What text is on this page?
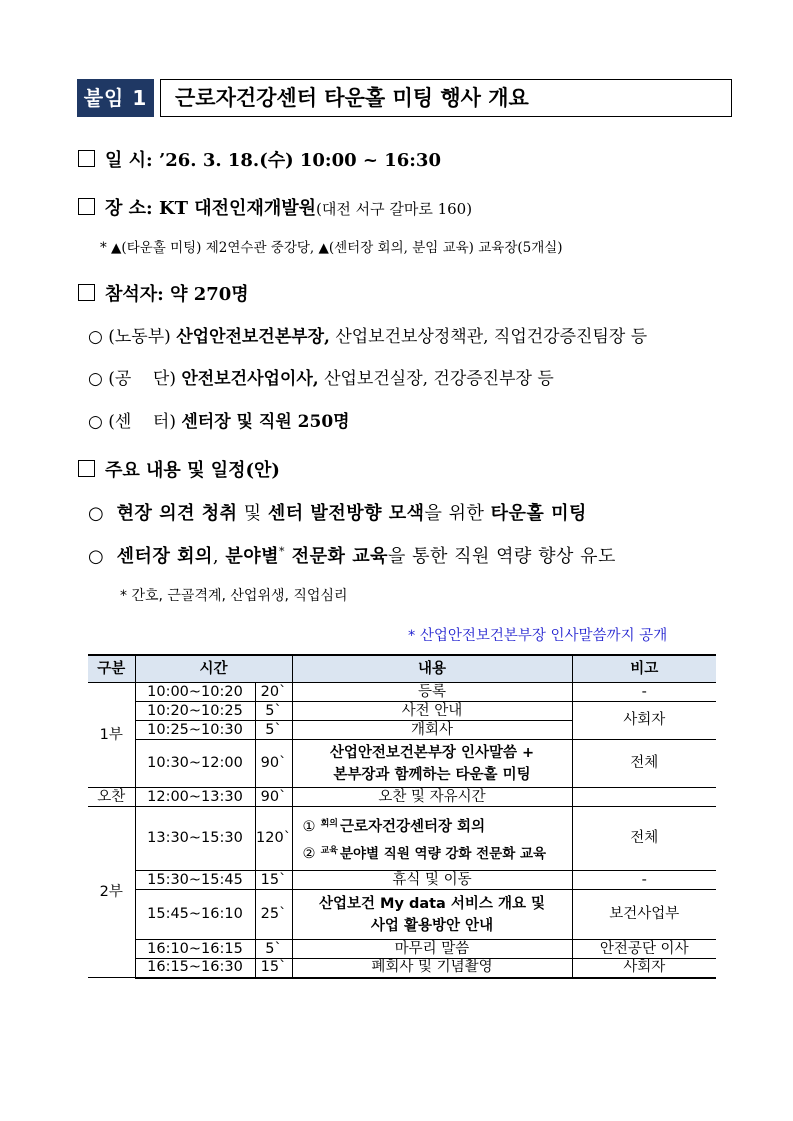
붙임 1	근로자건강센터 타운홀 미팅 행사 개요
일 시: ’26. 3. 18.(수) 10:00 ~ 16:30
장 소: KT 대전인재개발원(대전 서구 갈마로 160)
* ▲(타운홀 미팅) 제2연수관 중강당, ▲(센터장 회의, 분임 교육) 교육장(5개실)
참석자: 약 270명
○ (노동부) 산업안전보건본부장, 산업보건보상정책관, 직업건강증진팀장 등
○ (공    단) 안전보건사업이사, 산업보건실장, 건강증진부장 등
○ (센    터) 센터장 및 직원 250명
주요 내용 및 일정(안)
○ 현장 의견 청취 및 센터 발전방향 모색을 위한 타운홀 미팅
○ 센터장 회의, 분야별* 전문화 교육을 통한 직원 역량 향상 유도
* 간호, 근골격계, 산업위생, 직업심리
* 산업안전보건본부장 인사말씀까지 공개
구분	시간		내용	비고
1부	10:00~10:20	20`	등록	-
	10:20~10:25	5`	사전 안내	사회자
	10:25~10:30	5`	개회사	
	10:30~12:00	90`	산업안전보건본부장 인사말씀 +
본부장과 함께하는 타운홀 미팅	전체
오찬	12:00~13:30	90`	오찬 및 자유시간	
2부	13:30~15:30	120`	① $^{회의}$ 근로자건강센터장 회의
② $^{교육}$ 분야별 직원 역량 강화 전문화 교육	전체
	15:30~15:45	15`	휴식 및 이동	-
	15:45~16:10	25`	산업보건 My data 서비스 개요 및
사업 활용방안 안내	보건사업부
	16:10~16:15	5`	마무리 말씀	안전공단 이사
	16:15~16:30	15`	폐회사 및 기념촬영	사회자
